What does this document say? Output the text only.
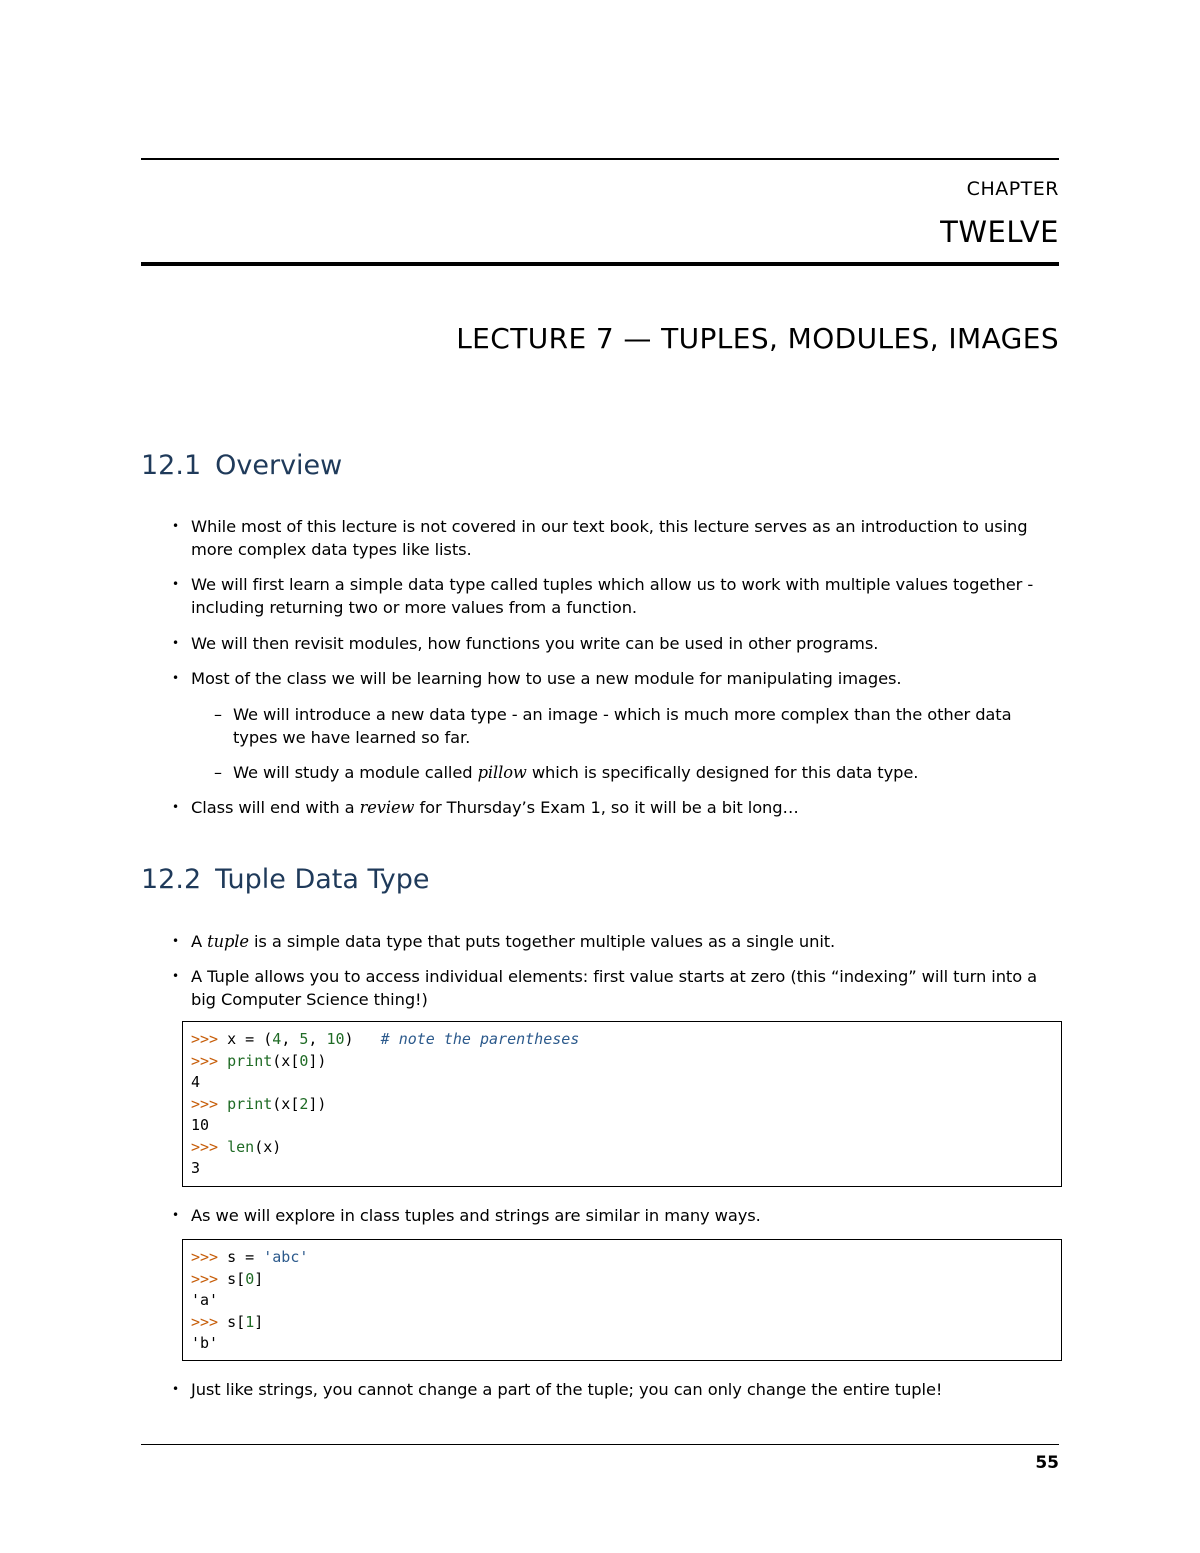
CHAPTER
TWELVE
LECTURE 7 — TUPLES, MODULES, IMAGES
12.1 Overview
• While most of this lecture is not covered in our text book, this lecture serves as an introduction to using more complex data types like lists.
• We will first learn a simple data type called tuples which allow us to work with multiple values together - including returning two or more values from a function.
• We will then revisit modules, how functions you write can be used in other programs.
• Most of the class we will be learning how to use a new module for manipulating images.
– We will introduce a new data type - an image - which is much more complex than the other data types we have learned so far.
– We will study a module called pillow which is specifically designed for this data type.
• Class will end with a review for Thursday’s Exam 1, so it will be a bit long…
12.2 Tuple Data Type
• A tuple is a simple data type that puts together multiple values as a single unit.
• A Tuple allows you to access individual elements: first value starts at zero (this “indexing” will turn into a big Computer Science thing!)
>>> x = (4, 5, 10) # note the parentheses
>>> print(x[0])
4
>>> print(x[2])
10
>>> len(x)
3
• As we will explore in class tuples and strings are similar in many ways.
>>> s = 'abc'
>>> s[0]
'a'
>>> s[1]
'b'
• Just like strings, you cannot change a part of the tuple; you can only change the entire tuple!
55
